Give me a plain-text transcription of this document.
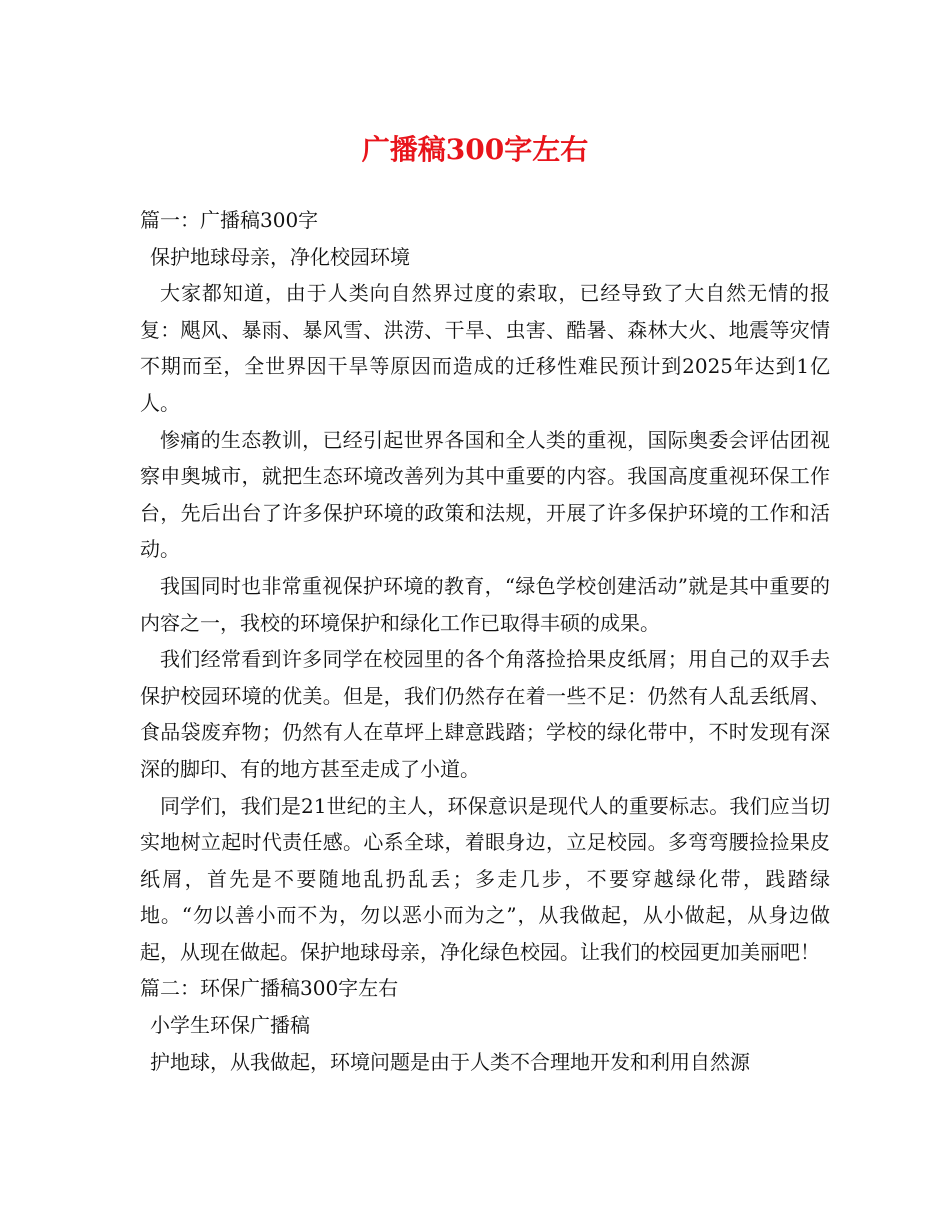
广播稿300字左右

篇一：广播稿300字

保护地球母亲，净化校园环境

大家都知道，由于人类向自然界过度的索取，已经导致了大自然无情的报复：飓风、暴雨、暴风雪、洪涝、干旱、虫害、酷暑、森林大火、地震等灾情不期而至，全世界因干旱等原因而造成的迁移性难民预计到2025年达到1亿人。

惨痛的生态教训，已经引起世界各国和全人类的重视，国际奥委会评估团视察申奥城市，就把生态环境改善列为其中重要的内容。我国高度重视环保工作台，先后出台了许多保护环境的政策和法规，开展了许多保护环境的工作和活动。

我国同时也非常重视保护环境的教育，“绿色学校创建活动”就是其中重要的内容之一，我校的环境保护和绿化工作已取得丰硕的成果。

我们经常看到许多同学在校园里的各个角落捡拾果皮纸屑；用自己的双手去保护校园环境的优美。但是，我们仍然存在着一些不足：仍然有人乱丢纸屑、食品袋废弃物；仍然有人在草坪上肆意践踏；学校的绿化带中，不时发现有深深的脚印、有的地方甚至走成了小道。

同学们，我们是21世纪的主人，环保意识是现代人的重要标志。我们应当切实地树立起时代责任感。心系全球，着眼身边，立足校园。多弯弯腰捡捡果皮纸屑，首先是不要随地乱扔乱丢；多走几步，不要穿越绿化带，践踏绿地。“勿以善小而不为，勿以恶小而为之”，从我做起，从小做起，从身边做起，从现在做起。保护地球母亲，净化绿色校园。让我们的校园更加美丽吧！

篇二：环保广播稿300字左右

小学生环保广播稿

护地球，从我做起，环境问题是由于人类不合理地开发和利用自然源
